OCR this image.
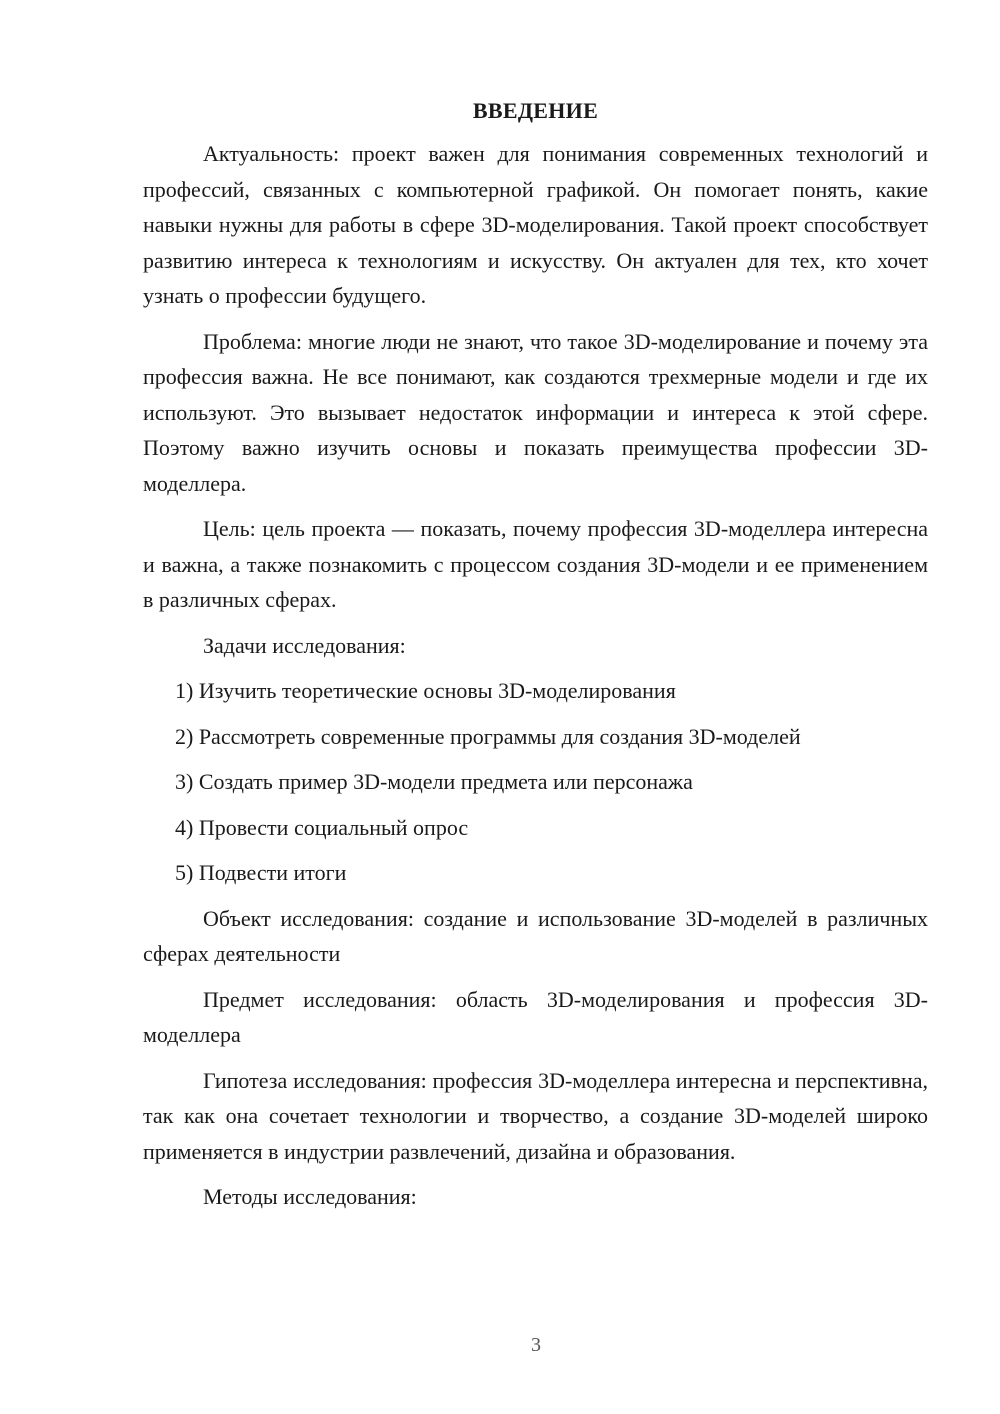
ВВЕДЕНИЕ

Актуальность: проект важен для понимания современных технологий и профессий, связанных с компьютерной графикой. Он помогает понять, какие навыки нужны для работы в сфере 3D-моделирования. Такой проект способствует развитию интереса к технологиям и искусству. Он актуален для тех, кто хочет узнать о профессии будущего.

Проблема: многие люди не знают, что такое 3D-моделирование и почему эта профессия важна. Не все понимают, как создаются трехмерные модели и где их используют. Это вызывает недостаток информации и интереса к этой сфере. Поэтому важно изучить основы и показать преимущества профессии 3D-моделлера.

Цель: цель проекта — показать, почему профессия 3D-моделлера интересна и важна, а также познакомить с процессом создания 3D-модели и ее применением в различных сферах.

Задачи исследования:

1) Изучить теоретические основы 3D-моделирования
2) Рассмотреть современные программы для создания 3D-моделей
3) Создать пример 3D-модели предмета или персонажа
4) Провести социальный опрос
5) Подвести итоги

Объект исследования: создание и использование 3D-моделей в различных сферах деятельности

Предмет исследования: область 3D-моделирования и профессия 3D-моделлера

Гипотеза исследования: профессия 3D-моделлера интересна и перспективна, так как она сочетает технологии и творчество, а создание 3D-моделей широко применяется в индустрии развлечений, дизайна и образования.

Методы исследования:

3
